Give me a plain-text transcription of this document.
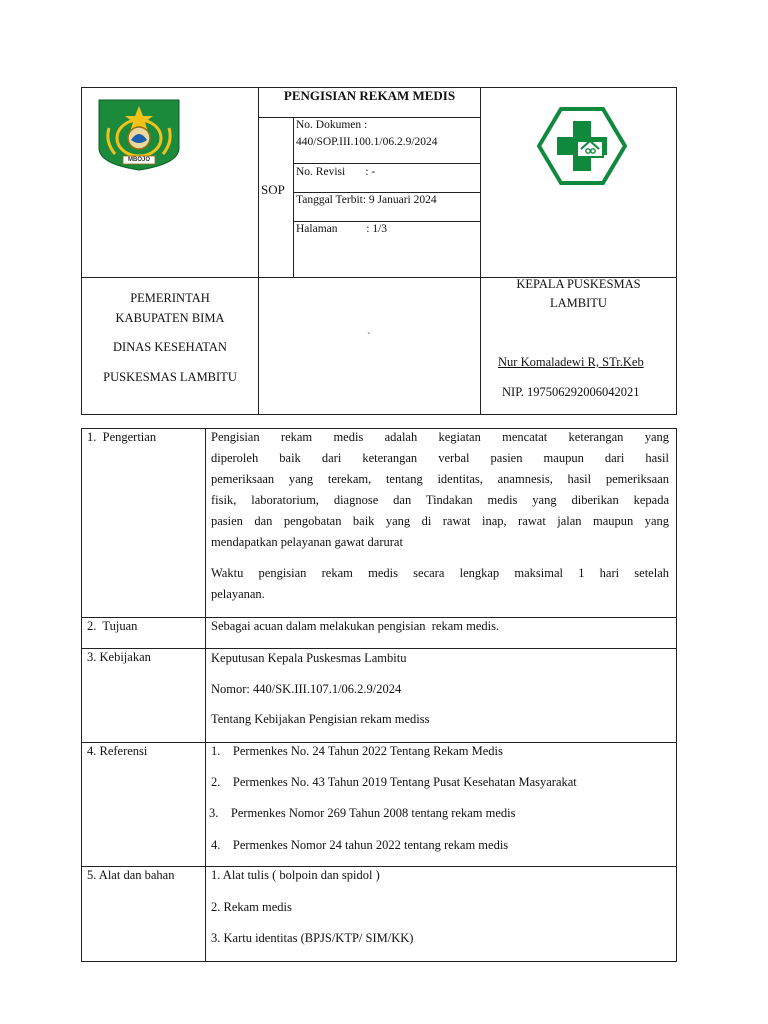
MBOJO
PENGISIAN REKAM MEDIS
SOP
No. Dokumen :
440/SOP.III.100.1/06.2.9/2024
No. Revisi       : -
Tanggal Terbit: 9 Januari 2024
Halaman          : 1/3
PEMERINTAH
KABUPATEN BIMA
DINAS KESEHATAN
PUSKESMAS LAMBITU
`
KEPALA PUSKESMAS
LAMBITU
Nur Komaladewi R, STr.Keb
NIP. 197506292006042021
1.  Pengertian	Pengisian rekam medis adalah kegiatan mencatat keterangan yang
diperoleh baik dari keterangan verbal pasien maupun dari hasil
pemeriksaan yang terekam, tentang identitas, anamnesis, hasil pemeriksaan
fisik, laboratorium, diagnose dan Tindakan medis yang diberikan kepada
pasien dan pengobatan baik yang di rawat inap, rawat jalan maupun yang
mendapatkan pelayanan gawat darurat
Waktu pengisian rekam medis secara lengkap maksimal 1 hari setelah
pelayanan.
2.  Tujuan	Sebagai acuan dalam melakukan pengisian  rekam medis.
3. Kebijakan	Keputusan Kepala Puskesmas Lambitu
Nomor: 440/SK.III.107.1/06.2.9/2024
Tentang Kebijakan Pengisian rekam mediss
4. Referensi	1.    Permenkes No. 24 Tahun 2022 Tentang Rekam Medis
2.    Permenkes No. 43 Tahun 2019 Tentang Pusat Kesehatan Masyarakat
3.    Permenkes Nomor 269 Tahun 2008 tentang rekam medis
4.    Permenkes Nomor 24 tahun 2022 tentang rekam medis
5. Alat dan bahan	1. Alat tulis ( bolpoin dan spidol )
2. Rekam medis
3. Kartu identitas (BPJS/KTP/ SIM/KK)
